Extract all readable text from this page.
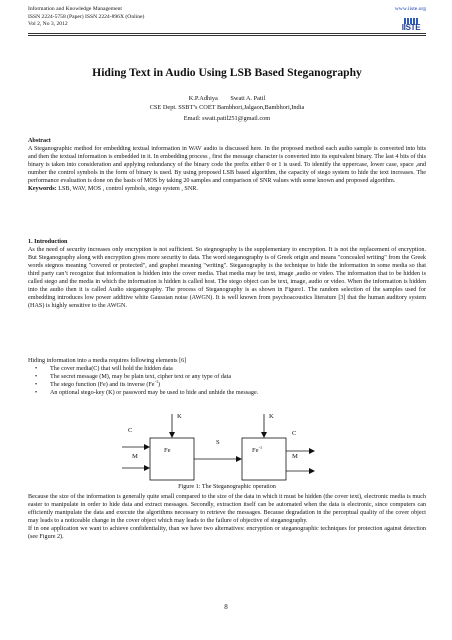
Information and Knowledge Management
ISSN 2224-5758 (Paper) ISSN 2224-896X (Online)
Vol 2, No 3, 2012
www.iiste.org
IISTE
Hiding Text in Audio Using LSB Based Steganography
K.P.Adhiya        Swati A. Patil
CSE Dept. SSBT’s COET Bambhori,Jalgaon,Bambhori,India
Email: swati.patil251@gmail.com

Abstract

A Steganographic method for embedding textual information in WAV audio is discussed here. In the proposed method each audio sample is converted into bits and then the textual information is embedded in it. In embedding process , first the message character is converted into its equivalent binary. The last 4 bits of this binary is taken into consideration and applying redundancy of the binary code the prefix either 0 or 1 is used. To identify the uppercase, lower case, space ,and number the control symbols in the form of binary is used. By using proposed LSB based algorithm, the capacity of stego system to hide the text increases. The performance evaluation is done on the basis of MOS by taking 20 samples and comparison of SNR values with some known and proposed algorithm.

Keywords: LSB, WAV, MOS , control symbols, stego system , SNR.

1. Introduction

As the need of security increases only encryption is not sufficient. So stegnography is the supplementary to encryption. It is not the replacement of encryption. But Steganography along with encryption gives more security to data. The word steganography is of Greek origin and means "concealed writing" from the Greek words stegnos meaning "covered or protected", and graphei meaning "writing". Steganography is the technique to hide the information in some media so that third party can’t recognize that information is hidden into the cover media. That media may be text, image ,audio or video. The information that to be hidden is called stego and the media in which the information is hidden is called host. The stego object can be text, image, audio or video. When the information is hidden into the audio then it is called Audio steganography. The process of Steganography is as shown in Figure1. The random selection of the samples used for embedding introduces low power additive white Gaussian noise (AWGN). It is well known from psychoacoustics literature [3] that the human auditory system (HAS) is highly sensitive to the AWGN.

Hiding information into a media requires following elements [6]

• The cover media(C) that will hold the hidden data
• The secret message (M), may be plain text, cipher text or any type of data
• The stego function (Fe) and its inverse $(Fe^{-1})$
• An optional stego-key (K) or password may be used to hide and unhide the message.
K	K
C	C
M	M
S
Fe	$Fe^{-1}$
Figure 1: The Steganographic operation

Because the size of the information is generally quite small compared to the size of the data in which it must be hidden (the cover text), electronic media is much easier to manipulate in order to hide data and extract messages. Secondly, extraction itself can be automated when the data is electronic, since computers can efficiently manipulate the data and execute the algorithms necessary to retrieve the messages. Because degradation in the perceptual quality of the cover object may leads to a noticeable change in the cover object which may leads to the failure of objective of steganography.

If in one application we want to achieve confidentiality, than we have two alternatives: encryption or steganographic techniques for protection against detection (see Figure 2).

8
